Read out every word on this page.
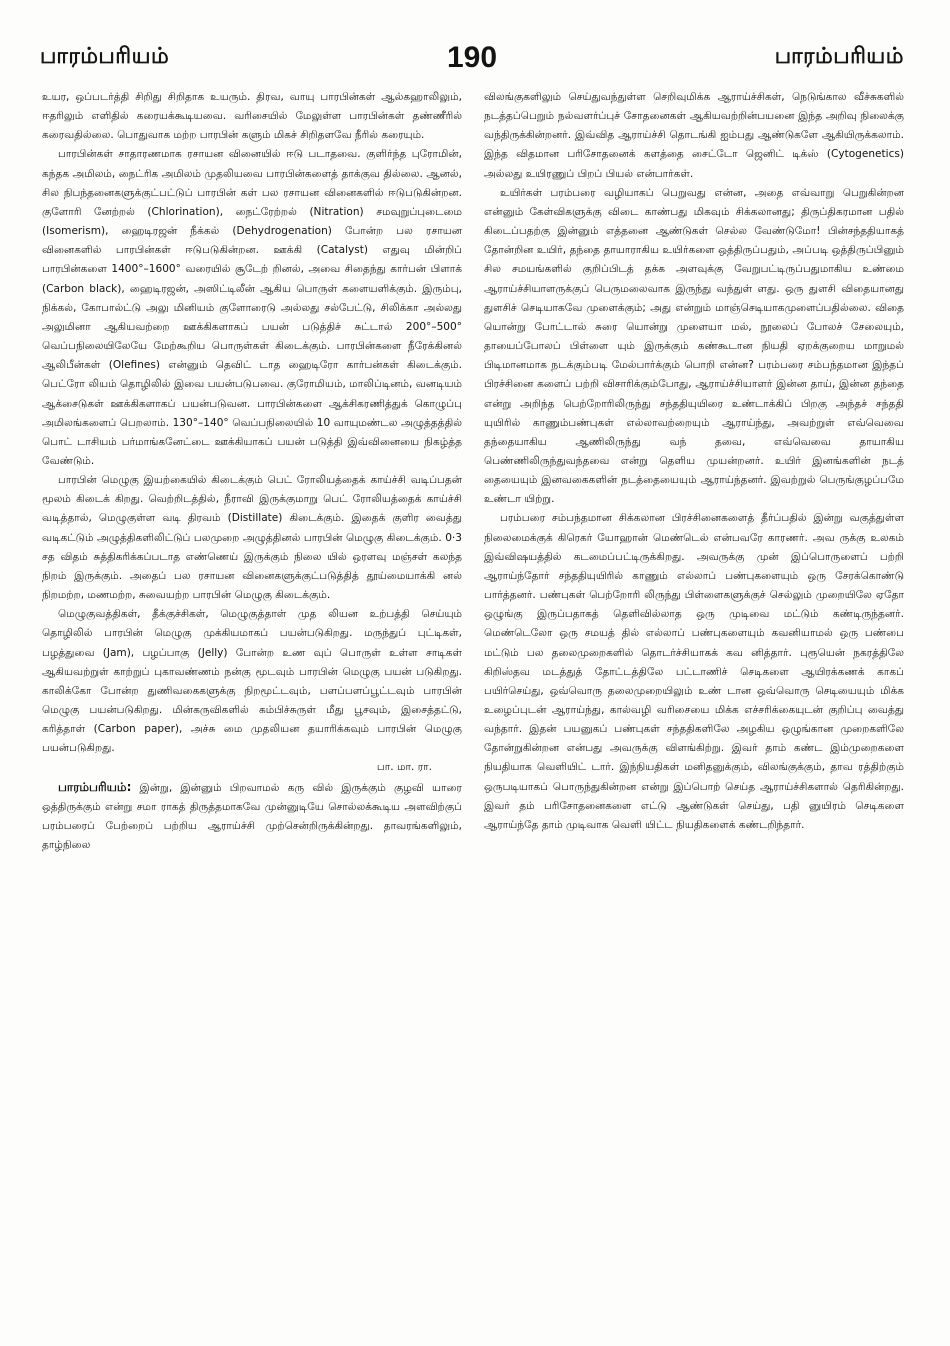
பாரம்பரியம்	190	பாரம்பரியம்

உயர, ஒப்படர்த்தி சிறிது சிறிதாக உயரும். திரவ, வாயு பாரபின்கள் ஆல்கஹாலிலும், ஈதரிலும் எளிதில் கரையக்கூடியவை. வரிசையில் மேலுள்ள பாரபின்கள் தண்ணீரில் கரைவதில்லை. பொதுவாக மற்ற பாரபின் களும் மிகச் சிறிதளவே நீரில் கரையும்.

பாரபின்கள் சாதாரணமாக ரசாயன வினையில் ஈடு படாதவை. குளிர்ந்த புரோமின், கந்தக அமிலம், நைட்ரிக அமிலம் முதலியவை பாரபின்களைத் தாக்குவ தில்லை. ஆனல், சில நிபந்தனைகளுக்குட்பட்டுப் பாரபின் கள் பல ரசாயன வினைகளில் ஈடுபடுகின்றன. குளோரி னேற்றல் (Chlorination), நைட்ரேற்றல் (Nitration) சமவுறுப்புடைமை (Isomerism), ஹைடிரஜன் நீக்கல் (Dehydrogenation) போன்ற பல ரசாயன வினைகளில் பாரபின்கள் ஈடுபடுகின்றன. ஊக்கி (Catalyst) எதுவு மின்றிப் பாரபின்களை 1400°–1600° வரையில் சூடேற் றினல், அவை சிதைந்து கார்பன் பிளாக் (Carbon black), ஹைடிரஜன், அஸிட்டிலீன் ஆகிய பொருள் களையளிக்கும். இரும்பு, நிக்கல், கோபால்ட்டு அலு மினியம் குளோரைடு அல்லது சல்பேட்டு, சிலிக்கா அல்லது அலுமினா ஆகியவற்றை ஊக்கிகளாகப் பயன் படுத்திச் சுட்டால் 200°–500° வெப்பநிலையிலேயே மேற்கூறிய பொருள்கள் கிடைக்கும். பாரபின்களை நீரேக்கினல் ஆலிபீன்கள் (Olefines) என்னும் தெவிட் டாத ஹைடிரோ கார்பன்கள் கிடைக்கும். பெட்ரோ லியம் தொழிலில் இவை பயன்படுபவை. குரோமியம், மாலிப்டினம், வனடியம் ஆக்சைடுகள் ஊக்கிகளாகப் பயன்படுவன. பாரபின்களை ஆக்சிகரணித்துக் கொழுப்பு அமிலங்களைப் பெறலாம். 130°–140° வெப்பநிலையில் 10 வாயுமண்டல அழுத்தத்தில் பொட் டாசியம் பர்மாங்கனேட்டை ஊக்கியாகப் பயன் படுத்தி இவ்வினையை நிகழ்த்த வேண்டும்.

பாரபின் மெழுகு இயற்கையில் கிடைக்கும் பெட் ரோலியத்தைக் காய்ச்சி வடிப்பதன் மூலம் கிடைக் கிறது. வெற்றிடத்தில், நீராவி இருக்குமாறு பெட் ரோலியத்தைக் காய்ச்சி வடித்தால், மெழுகுள்ள வடி திரவம் (Distillate) கிடைக்கும். இதைக் குளிர வைத்து வடிகட்டும் அழுத்திகளிலிட்டுப் பலமுறை அழுத்தினல் பாரபின் மெழுகு கிடைக்கும். 0·3 சத விதம் சுத்திகரிக்கப்படாத எண்ணெய் இருக்கும் நிலை யில் ஒரளவு மஞ்சள் கலந்த நிறம் இருக்கும். அதைப் பல ரசாயன வினைகளுக்குட்படுத்தித் தூய்மையாக்கி னல் நிறமற்ற, மணமற்ற, சுவையற்ற பாரபின் மெழுகு கிடைக்கும்.

மெழுகுவத்திகள், தீக்குச்சிகள், மெழுகுத்தாள் முத லியன உற்பத்தி செய்யும் தொழிலில் பாரபின் மெழுகு முக்கியமாகப் பயன்படுகிறது. மருந்துப் புட்டிகள், பழத்துவை (Jam), பழப்பாகு (Jelly) போன்ற உண வுப் பொருள் உள்ள சாடிகள் ஆகியவற்றுள் காற்றுப் புகாவண்ணம் நன்கு மூடவும் பாரபின் மெழுகு பயன் படுகிறது. காலிக்கோ போன்ற துணிவகைகளுக்கு நிறமூட்டவும், பளப்பளப்பூட்டவும் பாரபின் மெழுகு பயன்படுகிறது. மின்கருவிகளில் கம்பிச்சுருள் மீது பூசவும், இசைத்தட்டு, கரித்தாள் (Carbon paper), அச்சு மை முதலியன தயாரிக்கவும் பாரபின் மெழுகு பயன்படுகிறது.

பா. மா. ரா.

பாரம்பரியம்: இன்று, இன்னும் பிறவாமல் கரு வில் இருக்கும் குழவி யாரை ஒத்திருக்கும் என்று சமா ராகத் திருத்தமாகவே முன்னுடியே சொல்லக்கூடிய அளவிற்குப் பரம்பரைப் பேற்றைப் பற்றிய ஆராய்ச்சி முற்சென்றிருக்கின்றது. தாவரங்களிலும், தாழ்நிலை

விலங்குகளிலும் செய்துவந்துள்ள செறிவுமிக்க ஆராய்ச்சிகள், நெடுங்கால வீச்சுகளில் நடத்தப்பெறும் நல்வளர்ப்புச் சோதனைகள் ஆகியவற்றின்பயனை இந்த அறிவு நிலைக்கு வந்திருக்கின்றனர். இவ்வித ஆராய்ச்சி தொடங்கி ஐம்பது ஆண்டுகளே ஆகியிருக்கலாம். இந்த விதமான பரிசோதனைக் களத்தை சைட்டோ ஜெனிட் டிக்ஸ் (Cytogenetics) அல்லது உயிரணுப் பிறப் பியல் என்பார்கள்.

உயிர்கள் பரம்பரை வழியாகப் பெறுவது என்ன, அதை எவ்வாறு பெறுகின்றன என்னும் கேள்விகளுக்கு விடை காண்பது மிகவும் சிக்கலானது; திருப்திகரமான பதில் கிடைப்பதற்கு இன்னும் எத்தனை ஆண்டுகள் செல்ல வேண்டுமோ! பின்சந்ததியாகத் தோன்றின உயிர், தந்தை தாயாராகிய உயிர்களை ஒத்திருப்பதும், அப்படி ஒத்திருப்பினும் சில சமயங்களில் குறிப்பிடத் தக்க அளவுக்கு வேறுபட்டிருப்பதுமாகிய உண்மை ஆராய்ச்சியாளருக்குப் பெருமலைவாக இருந்து வந்துள் ளது. ஒரு துளசி விதையானது துளசிச் செடியாகவே முளைக்கும்; அது என்றும் மாஞ்செடியாகமுளைப்பதில்லை. விதை யொன்று போட்டால் சுரை யொன்று முளையா மல், நூலைப் போலச் சேலையும், தாயைப்போலப் பிள்ளை யும் இருக்கும் கண்கூடான நியதி ஏறக்குறைய மாறுமல் பிடிமானமாக நடக்கும்படி மேல்பார்க்கும் பொறி என்ன? பரம்பரை சம்பந்தமான இந்தப் பிரச்சினை களைப் பற்றி விசாரிக்கும்போது, ஆராய்ச்சியாளர் இன்ன தாய், இன்ன தந்தை என்று அறிந்த பெற்றோரிலிருந்து சந்ததியுயிரை உண்டாக்கிப் பிறகு அந்தச் சந்ததி யுயிரில் காணும்பண்புகள் எல்லாவற்றையும் ஆராய்ந்து, அவற்றுள் எவ்வெவை தந்தையாகிய ஆணிலிருந்து வந் தவை, எவ்வெவை தாயாகிய பெண்ணிலிருந்துவந்தவை என்று தெளிய முயன்றனர். உயிர் இனங்களின் நடத் தையையும் இனவகைகளின் நடத்தையையும் ஆராய்ந்தனர். இவற்றுல் பெருங்குழப்பமே உண்டா யிற்று.

பரம்பரை சம்பந்தமான சிக்கலான பிரச்சினைகளைத் தீர்ப்பதில் இன்று வகுத்துள்ள நிலைமைக்குக் கிரெகர் யோஹான் மெண்டெல் என்பவரே காரணர். அவ ருக்கு உலகம் இவ்விஷயத்தில் கடமைப்பட்டிருக்கிறது. அவருக்கு முன் இப்பொருளைப் பற்றி ஆராய்ந்தோர் சந்ததியுயிரில் காணும் எல்லாப் பண்புகளையும் ஒரு சேரக்கொண்டு பார்த்தனர். பண்புகள் பெற்றோரி லிருந்து பிள்ளைகளுக்குச் செல்லும் முறையிலே ஏதோ ஒழுங்கு இருப்பதாகத் தெளிவில்லாத ஒரு முடிவை மட்டும் கண்டிருந்தனர். மெண்டெலோ ஒரு சமயத் தில் எல்லாப் பண்புகளையும் கவனியாமல் ஒரு பண்பை மட்டும் பல தலைமுறைகளில் தொடர்ச்சியாகக் கவ னித்தார். புரூயென் நகரத்திலே கிறிஸ்தவ மடத்துத் தோட்டத்திலே பட்டாணிச் செடிகளை ஆயிரக்கணக் காகப் பயிர்செய்து, ஒவ்வொரு தலைமுறையிலும் உண் டான ஒவ்வொரு செடியையும் மிக்க உழைப்புடன் ஆராய்ந்து, கால்வழி வரிசையை மிக்க எச்சரிக்கையுடன் குறிப்பு வைத்து வந்தார். இதன் பயனுகப் பண்புகள் சந்ததிகளிலே அழகிய ஒழுங்கான முறைகளிலே தோன்றுகின்றன என்பது அவருக்கு விளங்கிற்று. இவர் தாம் கண்ட இம்முறைகளை நியதியாக வெளியிட் டார். இந்நியதிகள் மனிதனுக்கும், விலங்குக்கும், தாவ ரத்திற்கும் ஒருபடியாகப் பொருந்துகின்றன என்று இப்பொற் செய்த ஆராய்ச்சிகளால் தெரிகின்றது. இவர் தம் பரிசோதனைகளை எட்டு ஆண்டுகள் செய்து, பதி னுயிரம் செடிகளை ஆராய்ந்தே தாம் முடிவாக வெளி யிட்ட நியதிகளைக் கண்டறிந்தார்.
